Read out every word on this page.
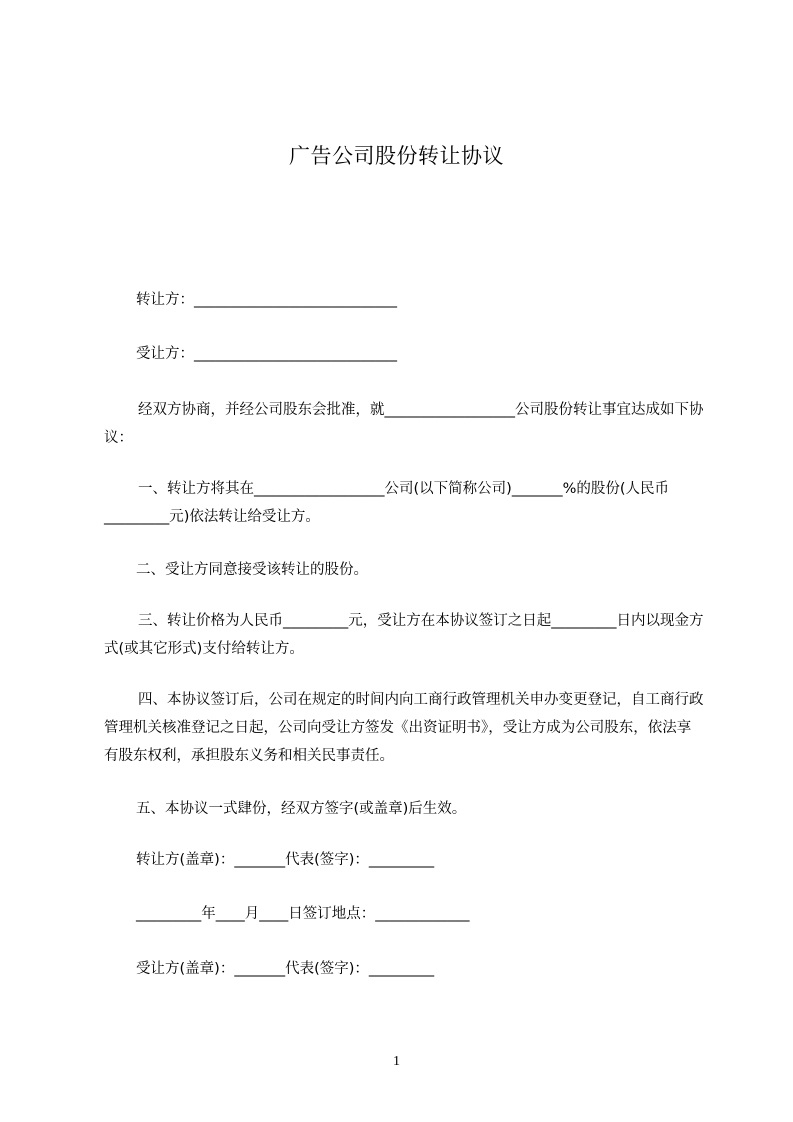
广告公司股份转让协议
转让方：____________________________
受让方：____________________________
经双方协商，并经公司股东会批准，就__________________公司股份转让事宜达成如下协议：
一、转让方将其在__________________公司(以下简称公司)_______%的股份(人民币_________元)依法转让给受让方。
二、受让方同意接受该转让的股份。
三、转让价格为人民币_________元，受让方在本协议签订之日起_________日内以现金方式(或其它形式)支付给转让方。
四、本协议签订后，公司在规定的时间内向工商行政管理机关申办变更登记，自工商行政管理机关核准登记之日起，公司向受让方签发《出资证明书》，受让方成为公司股东，依法享有股东权利，承担股东义务和相关民事责任。
五、本协议一式肆份，经双方签字(或盖章)后生效。
转让方(盖章)：_______代表(签字)：_________
_________年____月____日签订地点：_____________
受让方(盖章)：_______代表(签字)：_________
1
